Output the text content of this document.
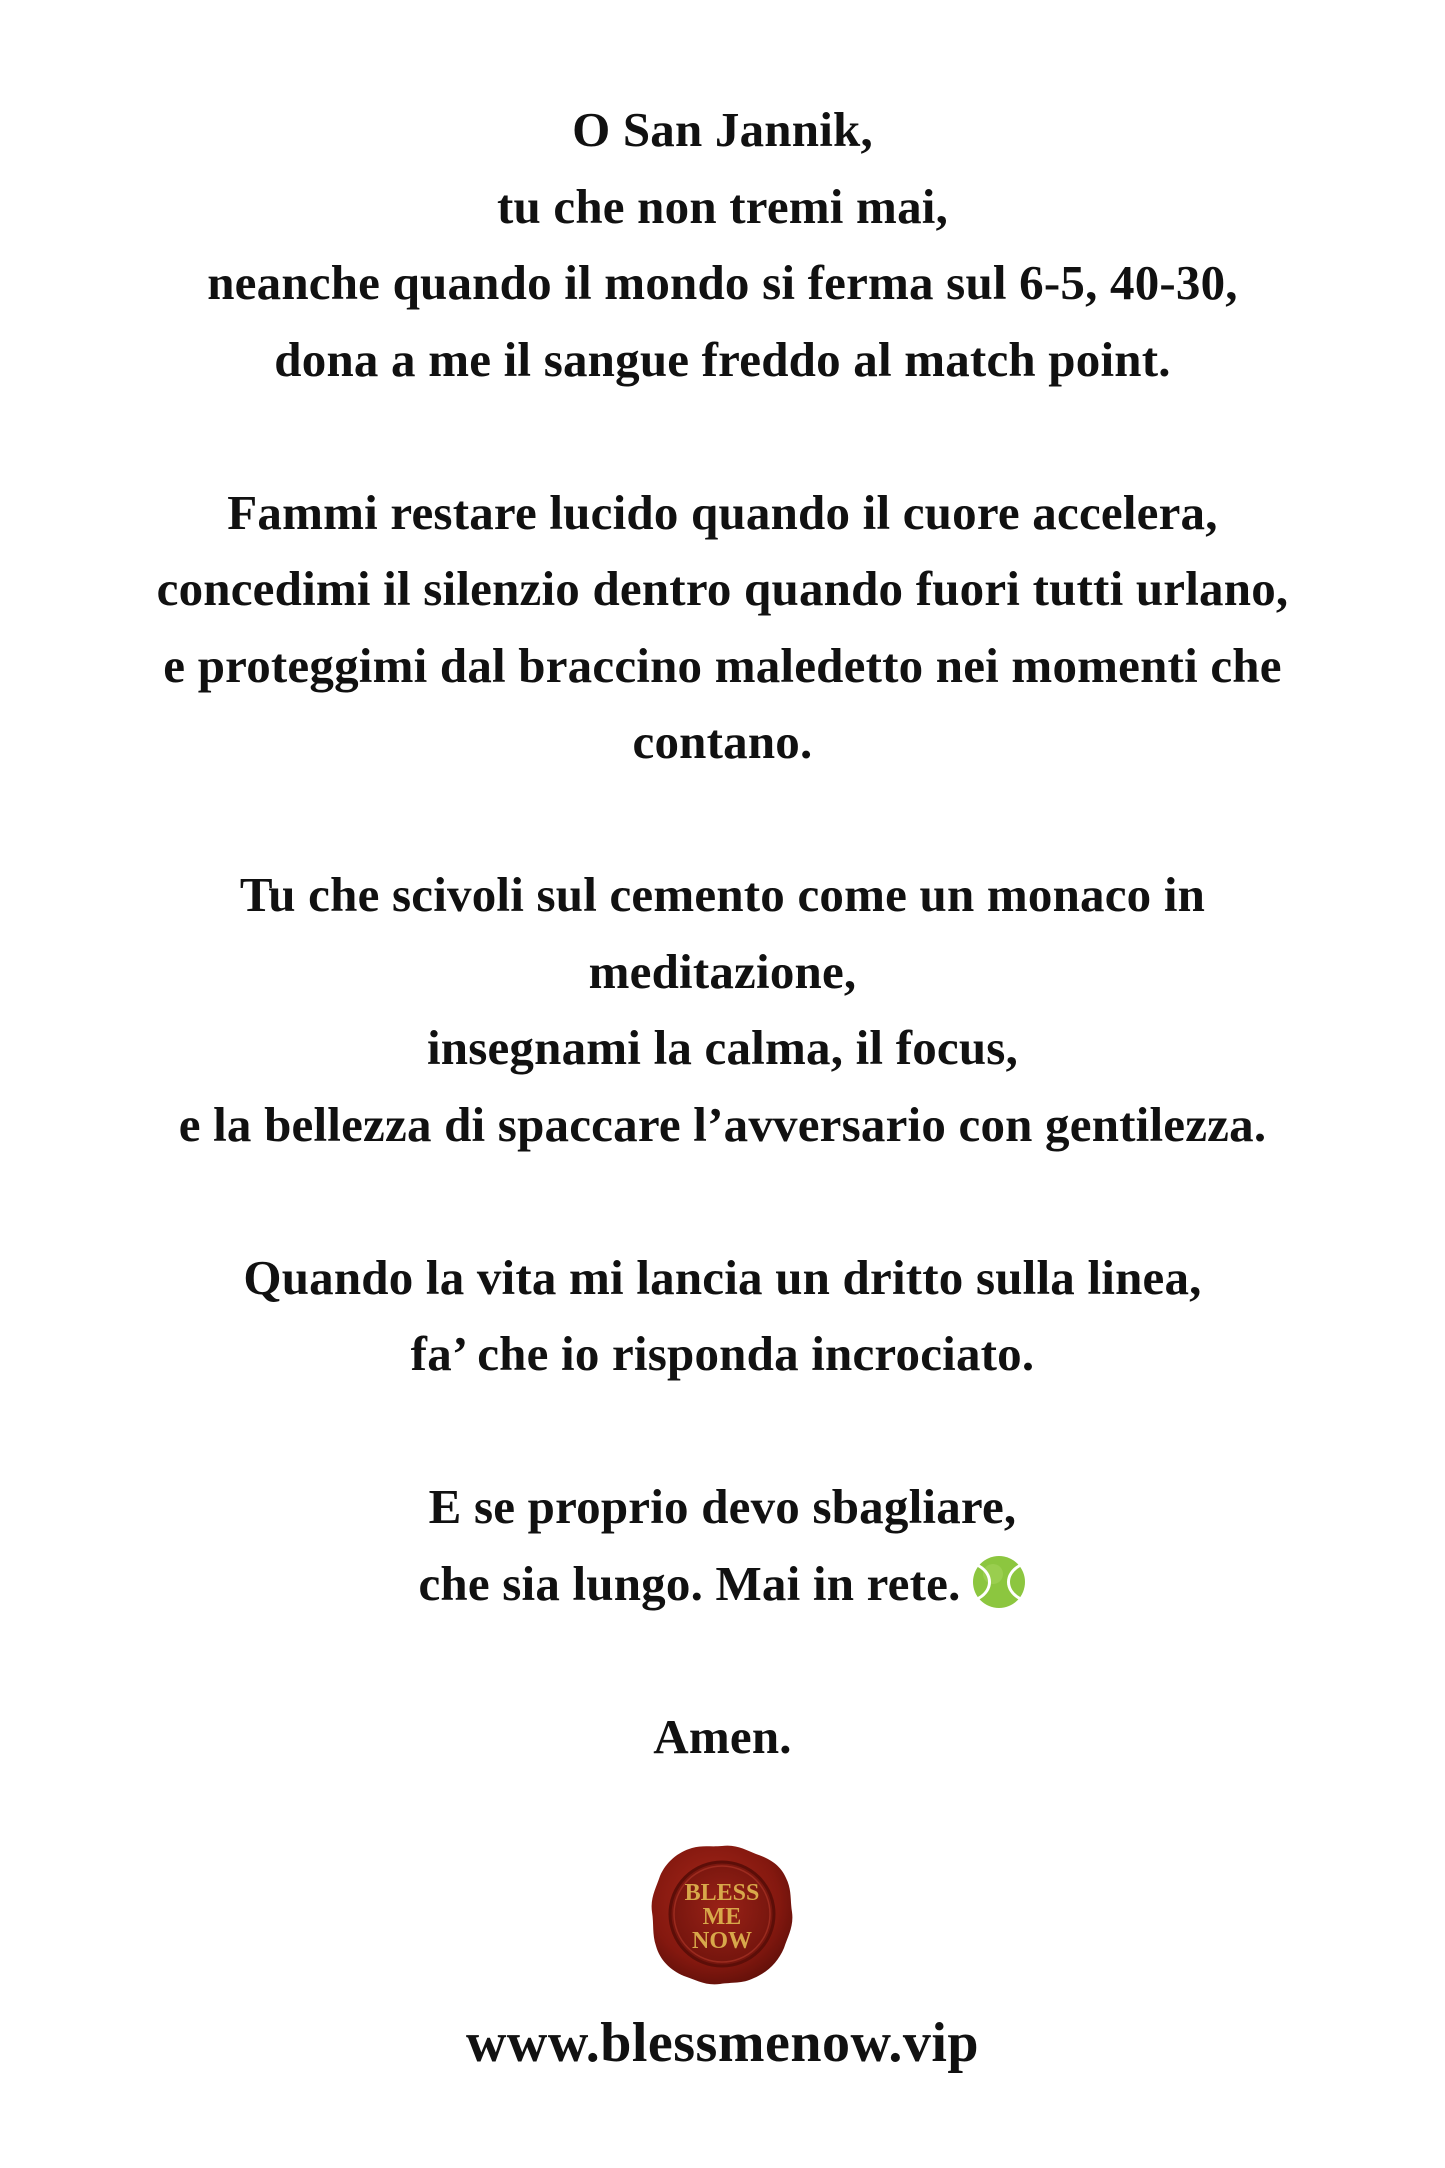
O San Jannik,
tu che non tremi mai,
neanche quando il mondo si ferma sul 6-5, 40-30,
dona a me il sangue freddo al match point.
Fammi restare lucido quando il cuore accelera,
concedimi il silenzio dentro quando fuori tutti urlano,
e proteggimi dal braccino maledetto nei momenti che
contano.
Tu che scivoli sul cemento come un monaco in
meditazione,
insegnami la calma, il focus,
e la bellezza di spaccare l’avversario con gentilezza.
Quando la vita mi lancia un dritto sulla linea,
fa’ che io risponda incrociato.
E se proprio devo sbagliare,
che sia lungo. Mai in rete.
Amen.
BLESS
ME
NOW
www.blessmenow.vip
